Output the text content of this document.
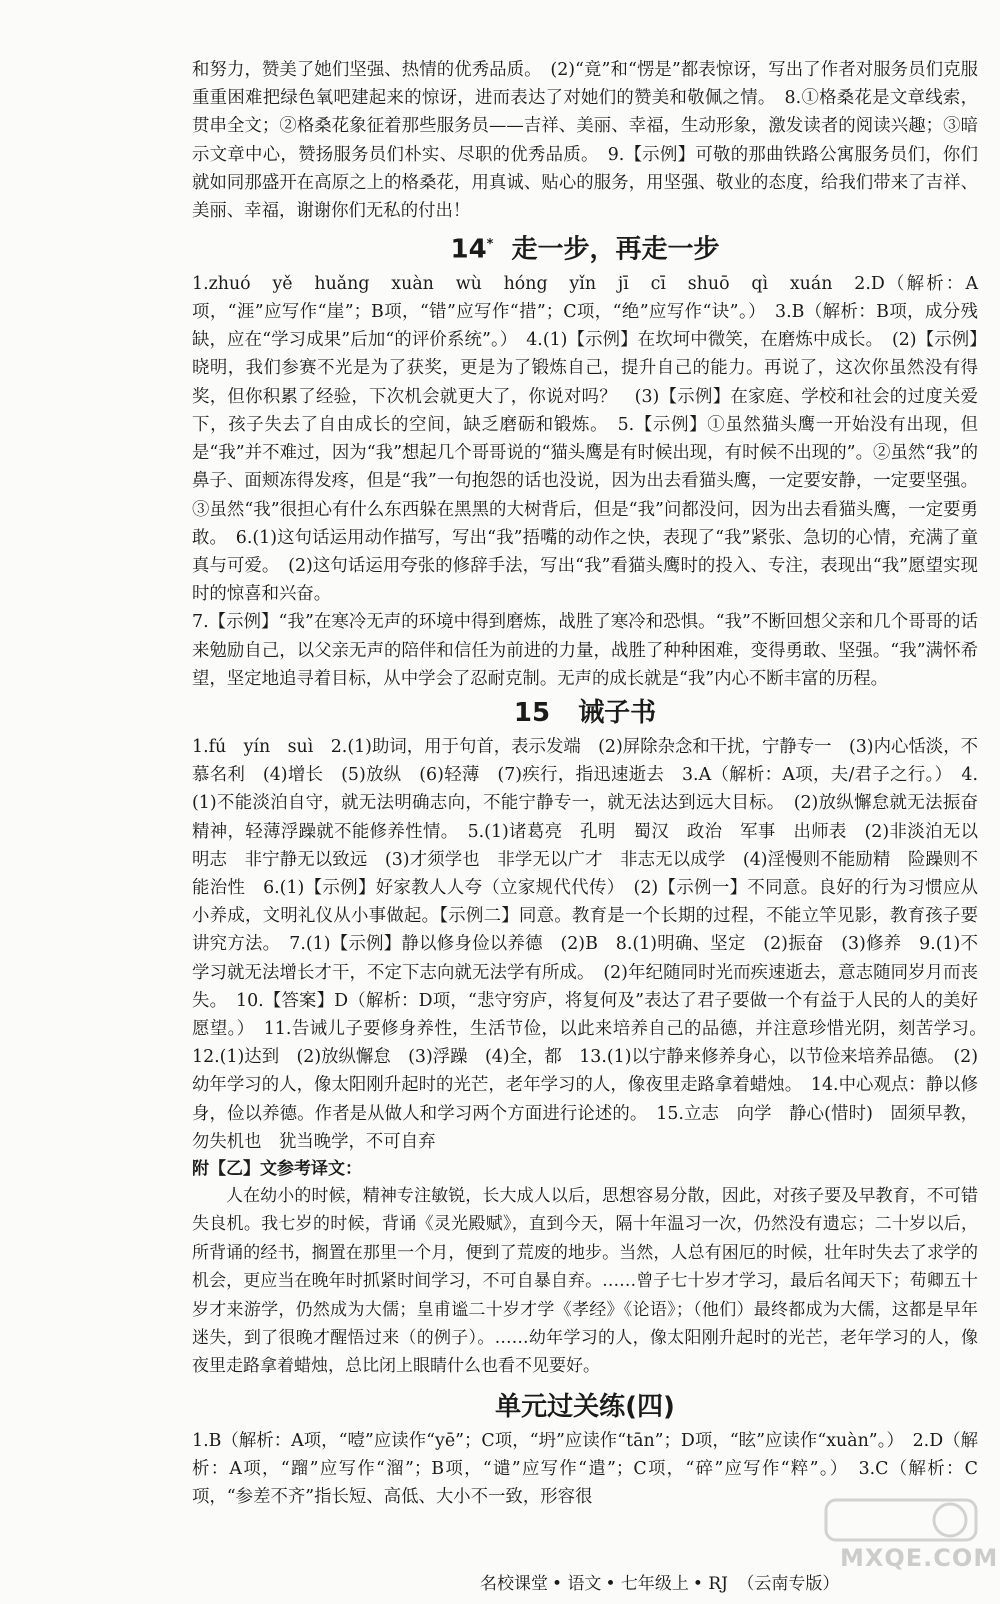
和努力，赞美了她们坚强、热情的优秀品质。　(2)“竟”和“愣是”都表惊讶，写出了作者对服务员们克服重重困难把绿色氧吧建起来的惊讶，进而表达了对她们的赞美和敬佩之情。　8.①格桑花是文章线索，贯串全文；②格桑花象征着那些服务员——吉祥、美丽、幸福，生动形象，激发读者的阅读兴趣；③暗示文章中心，赞扬服务员们朴实、尽职的优秀品质。　9.【示例】可敬的那曲铁路公寓服务员们，你们就如同那盛开在高原之上的格桑花，用真诚、贴心的服务，用坚强、敬业的态度，给我们带来了吉祥、美丽、幸福，谢谢你们无私的付出！

14* 走一步，再走一步

1.zhuó　yě　huǎng　xuàn　wù　hóng　yǐn　jī　cī　shuō　qì　xuán　2.D（解析：A项，“涯”应写作“崖”；B项，“错”应写作“措”；C项，“绝”应写作“诀”。）　3.B（解析：B项，成分残缺，应在“学习成果”后加“的评价系统”。）　4.(1)【示例】在坎坷中微笑，在磨炼中成长。　(2)【示例】晓明，我们参赛不光是为了获奖，更是为了锻炼自己，提升自己的能力。再说了，这次你虽然没有得奖，但你积累了经验，下次机会就更大了，你说对吗？　(3)【示例】在家庭、学校和社会的过度关爱下，孩子失去了自由成长的空间，缺乏磨砺和锻炼。　5.【示例】①虽然猫头鹰一开始没有出现，但是“我”并不难过，因为“我”想起几个哥哥说的“猫头鹰是有时候出现，有时候不出现的”。②虽然“我”的鼻子、面颊冻得发疼，但是“我”一句抱怨的话也没说，因为出去看猫头鹰，一定要安静，一定要坚强。③虽然“我”很担心有什么东西躲在黑黑的大树背后，但是“我”问都没问，因为出去看猫头鹰，一定要勇敢。　6.(1)这句话运用动作描写，写出“我”捂嘴的动作之快，表现了“我”紧张、急切的心情，充满了童真与可爱。　(2)这句话运用夸张的修辞手法，写出“我”看猫头鹰时的投入、专注，表现出“我”愿望实现时的惊喜和兴奋。

7.【示例】“我”在寒冷无声的环境中得到磨炼，战胜了寒冷和恐惧。“我”不断回想父亲和几个哥哥的话来勉励自己，以父亲无声的陪伴和信任为前进的力量，战胜了种种困难，变得勇敢、坚强。“我”满怀希望，坚定地追寻着目标，从中学会了忍耐克制。无声的成长就是“我”内心不断丰富的历程。

15 诫子书

1.fú　yín　suì　2.(1)助词，用于句首，表示发端　(2)屏除杂念和干扰，宁静专一　(3)内心恬淡，不慕名利　(4)增长　(5)放纵　(6)轻薄　(7)疾行，指迅速逝去　3.A（解析：A项，夫/君子之行。）　4.(1)不能淡泊自守，就无法明确志向，不能宁静专一，就无法达到远大目标。　(2)放纵懈怠就无法振奋精神，轻薄浮躁就不能修养性情。　5.(1)诸葛亮　孔明　蜀汉　政治　军事　出师表　(2)非淡泊无以明志　非宁静无以致远　(3)才须学也　非学无以广才　非志无以成学　(4)淫慢则不能励精　险躁则不能治性　6.(1)【示例】好家教人人夸（立家规代代传）　(2)【示例一】不同意。良好的行为习惯应从小养成，文明礼仪从小事做起。【示例二】同意。教育是一个长期的过程，不能立竿见影，教育孩子要讲究方法。　7.(1)【示例】静以修身俭以养德　(2)B　8.(1)明确、坚定　(2)振奋　(3)修养　9.(1)不学习就无法增长才干，不定下志向就无法学有所成。　(2)年纪随同时光而疾速逝去，意志随同岁月而丧失。　10.【答案】D（解析：D项，“悲守穷庐，将复何及”表达了君子要做一个有益于人民的人的美好愿望。）　11.告诫儿子要修身养性，生活节俭，以此来培养自己的品德，并注意珍惜光阴，刻苦学习。　12.(1)达到　(2)放纵懈怠　(3)浮躁　(4)全，都　13.(1)以宁静来修养身心，以节俭来培养品德。　(2)幼年学习的人，像太阳刚升起时的光芒，老年学习的人，像夜里走路拿着蜡烛。　14.中心观点：静以修身，俭以养德。作者是从做人和学习两个方面进行论述的。　15.立志　向学　静心(惜时)　固须早教，勿失机也　犹当晚学，不可自弃

附【乙】文参考译文：

人在幼小的时候，精神专注敏锐，长大成人以后，思想容易分散，因此，对孩子要及早教育，不可错失良机。我七岁的时候，背诵《灵光殿赋》，直到今天，隔十年温习一次，仍然没有遗忘；二十岁以后，所背诵的经书，搁置在那里一个月，便到了荒废的地步。当然，人总有困厄的时候，壮年时失去了求学的机会，更应当在晚年时抓紧时间学习，不可自暴自弃。……曾子七十岁才学习，最后名闻天下；荀卿五十岁才来游学，仍然成为大儒；皇甫谧二十岁才学《孝经》《论语》；（他们）最终都成为大儒，这都是早年迷失，到了很晚才醒悟过来（的例子）。……幼年学习的人，像太阳刚升起时的光芒，老年学习的人，像夜里走路拿着蜡烛，总比闭上眼睛什么也看不见要好。

单元过关练(四)

1.B（解析：A项，“噎”应读作“yē”；C项，“坍”应读作“tān”；D项，“眩”应读作“xuàn”。）　2.D（解析：A项，“蹓”应写作“溜”；B项，“谴”应写作“遣”；C项，“碎”应写作“粹”。）　3.C（解析：C项，“参差不齐”指长短、高低、大小不一致，形容很

名校课堂 • 语文 • 七年级上 • RJ （云南专版）
MXQE.COM
